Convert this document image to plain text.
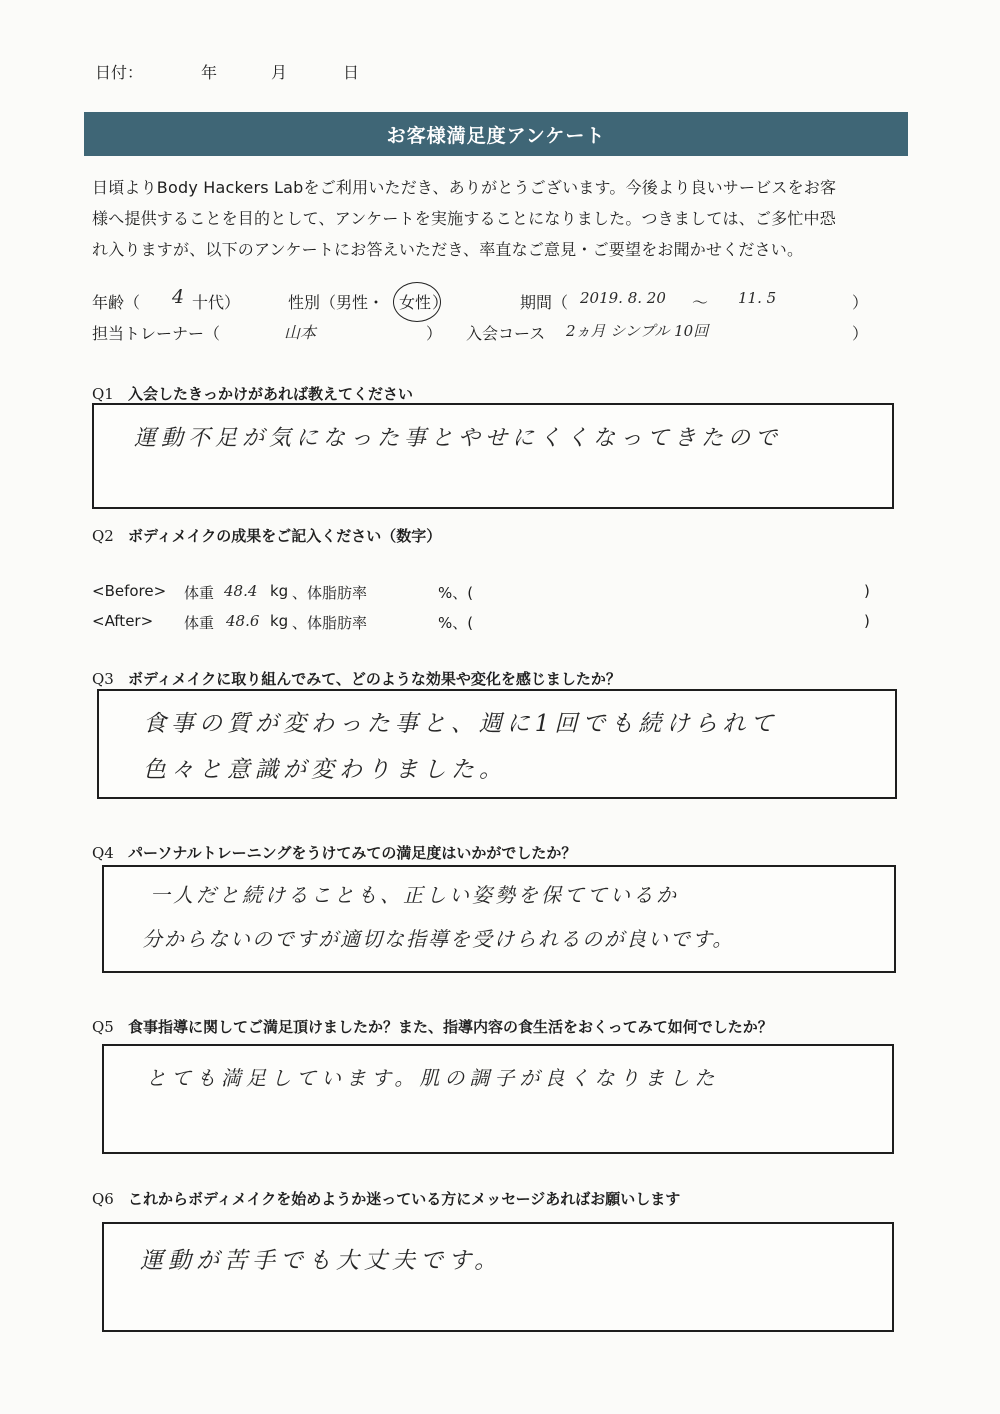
日付：	年	月	日
お客様満足度アンケート

日頃よりBody Hackers Labをご利用いただき、ありがとうございます。今後より良いサービスをお客

様へ提供することを目的として、アンケートを実施することになりました。つきましては、ご多忙中恐

れ入りますが、以下のアンケートにお答えいただき、率直なご意見・ご要望をお聞かせください。

年齢（ 4 十代）	性別（男性・ 女性 ）	期間（ 2019. 8. 20 〜 11. 5	）
担当トレーナー（	山本	） 入会コース 2ヵ月 シンプル 10回	）
Q1 入会したきっかけがあれば教えてください
運動不足が気になった事とやせにくくなってきたので
Q2 ボディメイクの成果をご記入ください（数字）
<Before> 体重 48.4 kg 、体脂肪率	%、(	)
<After> 体重 48.6 kg 、体脂肪率	%、(	)
Q3 ボディメイクに取り組んでみて、どのような効果や変化を感じましたか？
食事の質が変わった事と、週に1回でも続けられて
色々と意識が変わりました。
Q4 パーソナルトレーニングをうけてみての満足度はいかがでしたか？
一人だと続けることも、正しい姿勢を保てているか
分からないのですが適切な指導を受けられるのが良いです。
Q5 食事指導に関してご満足頂けましたか？また、指導内容の食生活をおくってみて如何でしたか？
とても満足しています。肌の調子が良くなりました
Q6 これからボディメイクを始めようか迷っている方にメッセージあればお願いします
運動が苦手でも大丈夫です。
